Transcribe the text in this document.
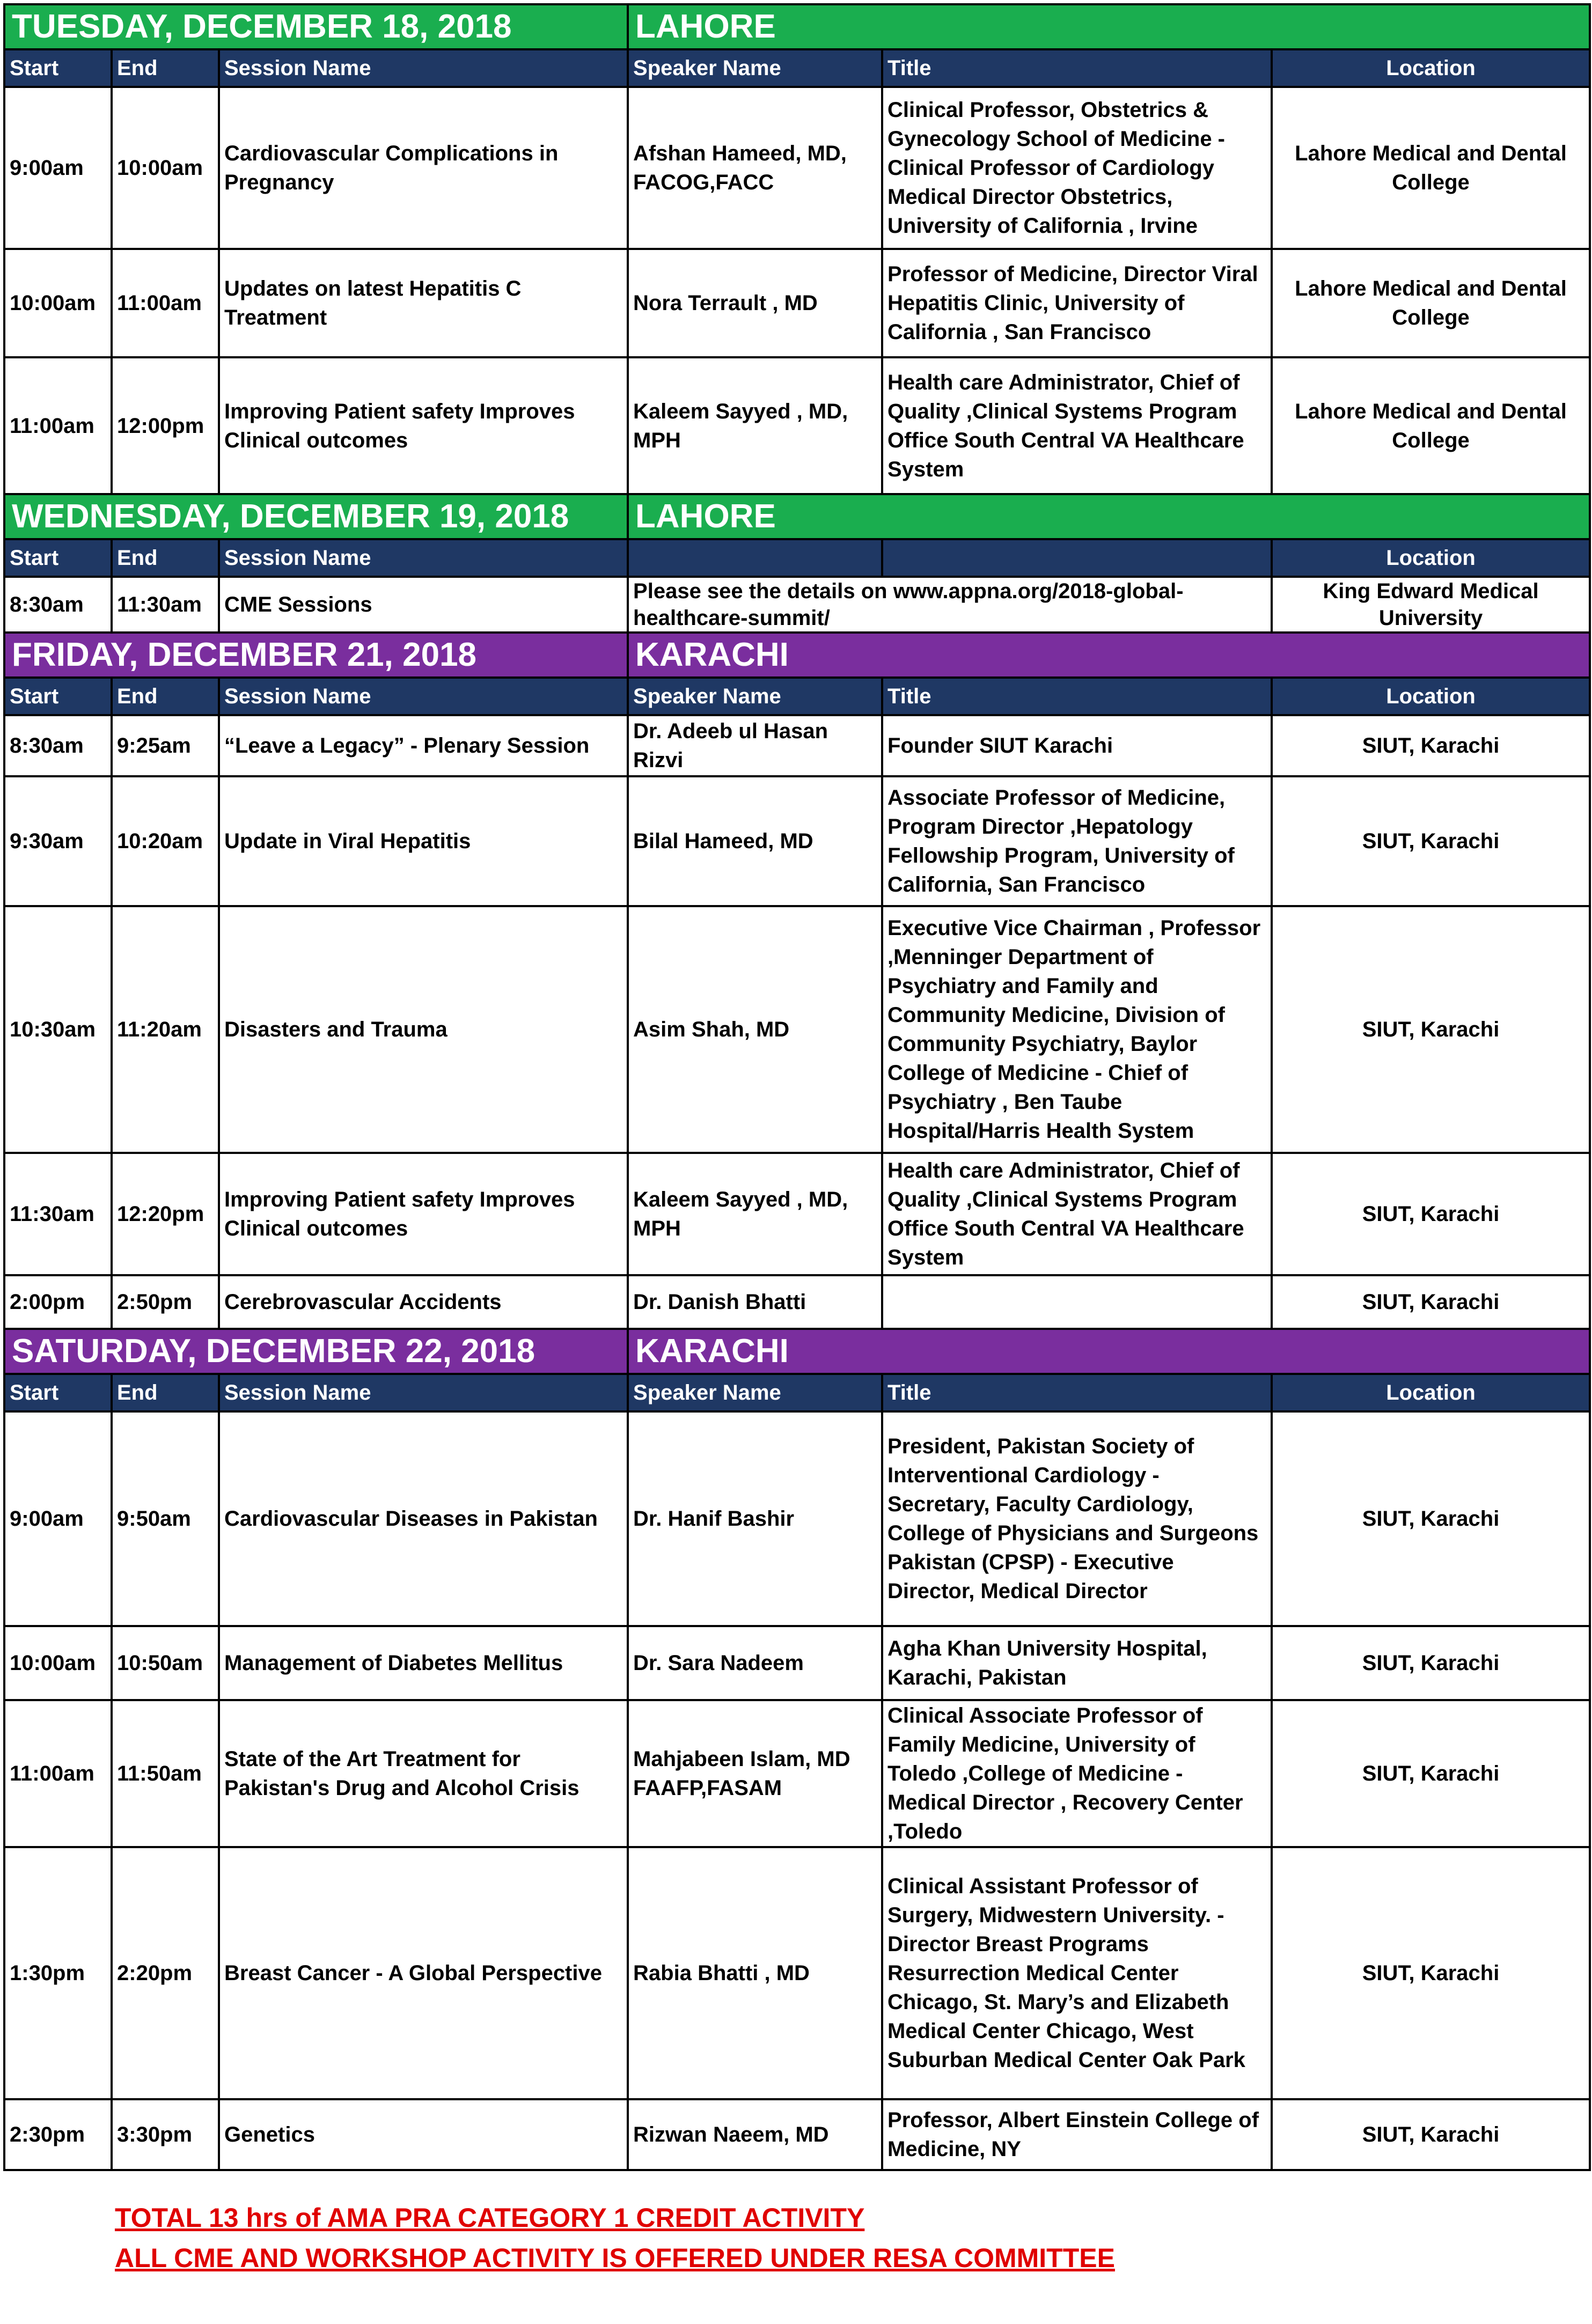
TUESDAY, DECEMBER 18, 2018			LAHORE		
Start	End	Session Name	Speaker Name	Title	Location
9:00am	10:00am	Cardiovascular Complications in Pregnancy	Afshan Hameed, MD, FACOG,FACC	Clinical Professor, Obstetrics & Gynecology School of Medicine - Clinical Professor of Cardiology Medical Director Obstetrics, University of California , Irvine	Lahore Medical and Dental College
10:00am	11:00am	Updates on latest Hepatitis C Treatment	Nora Terrault , MD	Professor of Medicine, Director Viral Hepatitis Clinic, University of California , San Francisco	Lahore Medical and Dental College
11:00am	12:00pm	Improving Patient safety Improves Clinical outcomes	Kaleem Sayyed , MD, MPH	Health care Administrator, Chief of Quality ,Clinical Systems Program Office South Central VA Healthcare System	Lahore Medical and Dental College
WEDNESDAY, DECEMBER 19, 2018			LAHORE		
Start	End	Session Name			Location
8:30am	11:30am	CME Sessions	Please see the details on www.appna.org/2018-global-healthcare-summit/		King Edward Medical University
FRIDAY, DECEMBER 21, 2018			KARACHI		
Start	End	Session Name	Speaker Name	Title	Location
8:30am	9:25am	“Leave a Legacy” - Plenary Session	Dr. Adeeb ul Hasan Rizvi	Founder SIUT Karachi	SIUT, Karachi
9:30am	10:20am	Update in Viral Hepatitis	Bilal Hameed, MD	Associate Professor of Medicine, Program Director ,Hepatology Fellowship Program, University of California, San Francisco	SIUT, Karachi
10:30am	11:20am	Disasters and Trauma	Asim Shah, MD	Executive Vice Chairman , Professor ,Menninger Department of Psychiatry and Family and Community Medicine, Division of Community Psychiatry, Baylor College of Medicine - Chief of Psychiatry , Ben Taube Hospital/Harris Health System	SIUT, Karachi
11:30am	12:20pm	Improving Patient safety Improves Clinical outcomes	Kaleem Sayyed , MD, MPH	Health care Administrator, Chief of Quality ,Clinical Systems Program Office South Central VA Healthcare System	SIUT, Karachi
2:00pm	2:50pm	Cerebrovascular Accidents	Dr. Danish Bhatti		SIUT, Karachi
SATURDAY, DECEMBER 22, 2018			KARACHI		
Start	End	Session Name	Speaker Name	Title	Location
9:00am	9:50am	Cardiovascular Diseases in Pakistan	Dr. Hanif Bashir	President, Pakistan Society of Interventional Cardiology - Secretary, Faculty Cardiology, College of Physicians and Surgeons Pakistan (CPSP) - Executive Director, Medical Director	SIUT, Karachi
10:00am	10:50am	Management of Diabetes Mellitus	Dr. Sara Nadeem	Agha Khan University Hospital, Karachi, Pakistan	SIUT, Karachi
11:00am	11:50am	State of the Art Treatment for Pakistan's Drug and Alcohol Crisis	Mahjabeen Islam, MD FAAFP,FASAM	Clinical Associate Professor of Family Medicine, University of Toledo ,College of Medicine - Medical Director , Recovery Center ,Toledo	SIUT, Karachi
1:30pm	2:20pm	Breast Cancer - A Global Perspective	Rabia Bhatti , MD	Clinical Assistant Professor of Surgery, Midwestern University. - Director Breast Programs Resurrection Medical Center Chicago, St. Mary’s and Elizabeth Medical Center Chicago, West Suburban Medical Center Oak Park	SIUT, Karachi
2:30pm	3:30pm	Genetics	Rizwan Naeem, MD	Professor, Albert Einstein College of Medicine, NY	SIUT, Karachi
TOTAL 13 hrs of AMA PRA CATEGORY 1 CREDIT ACTIVITY
ALL CME AND WORKSHOP ACTIVITY IS OFFERED UNDER RESA COMMITTEE
